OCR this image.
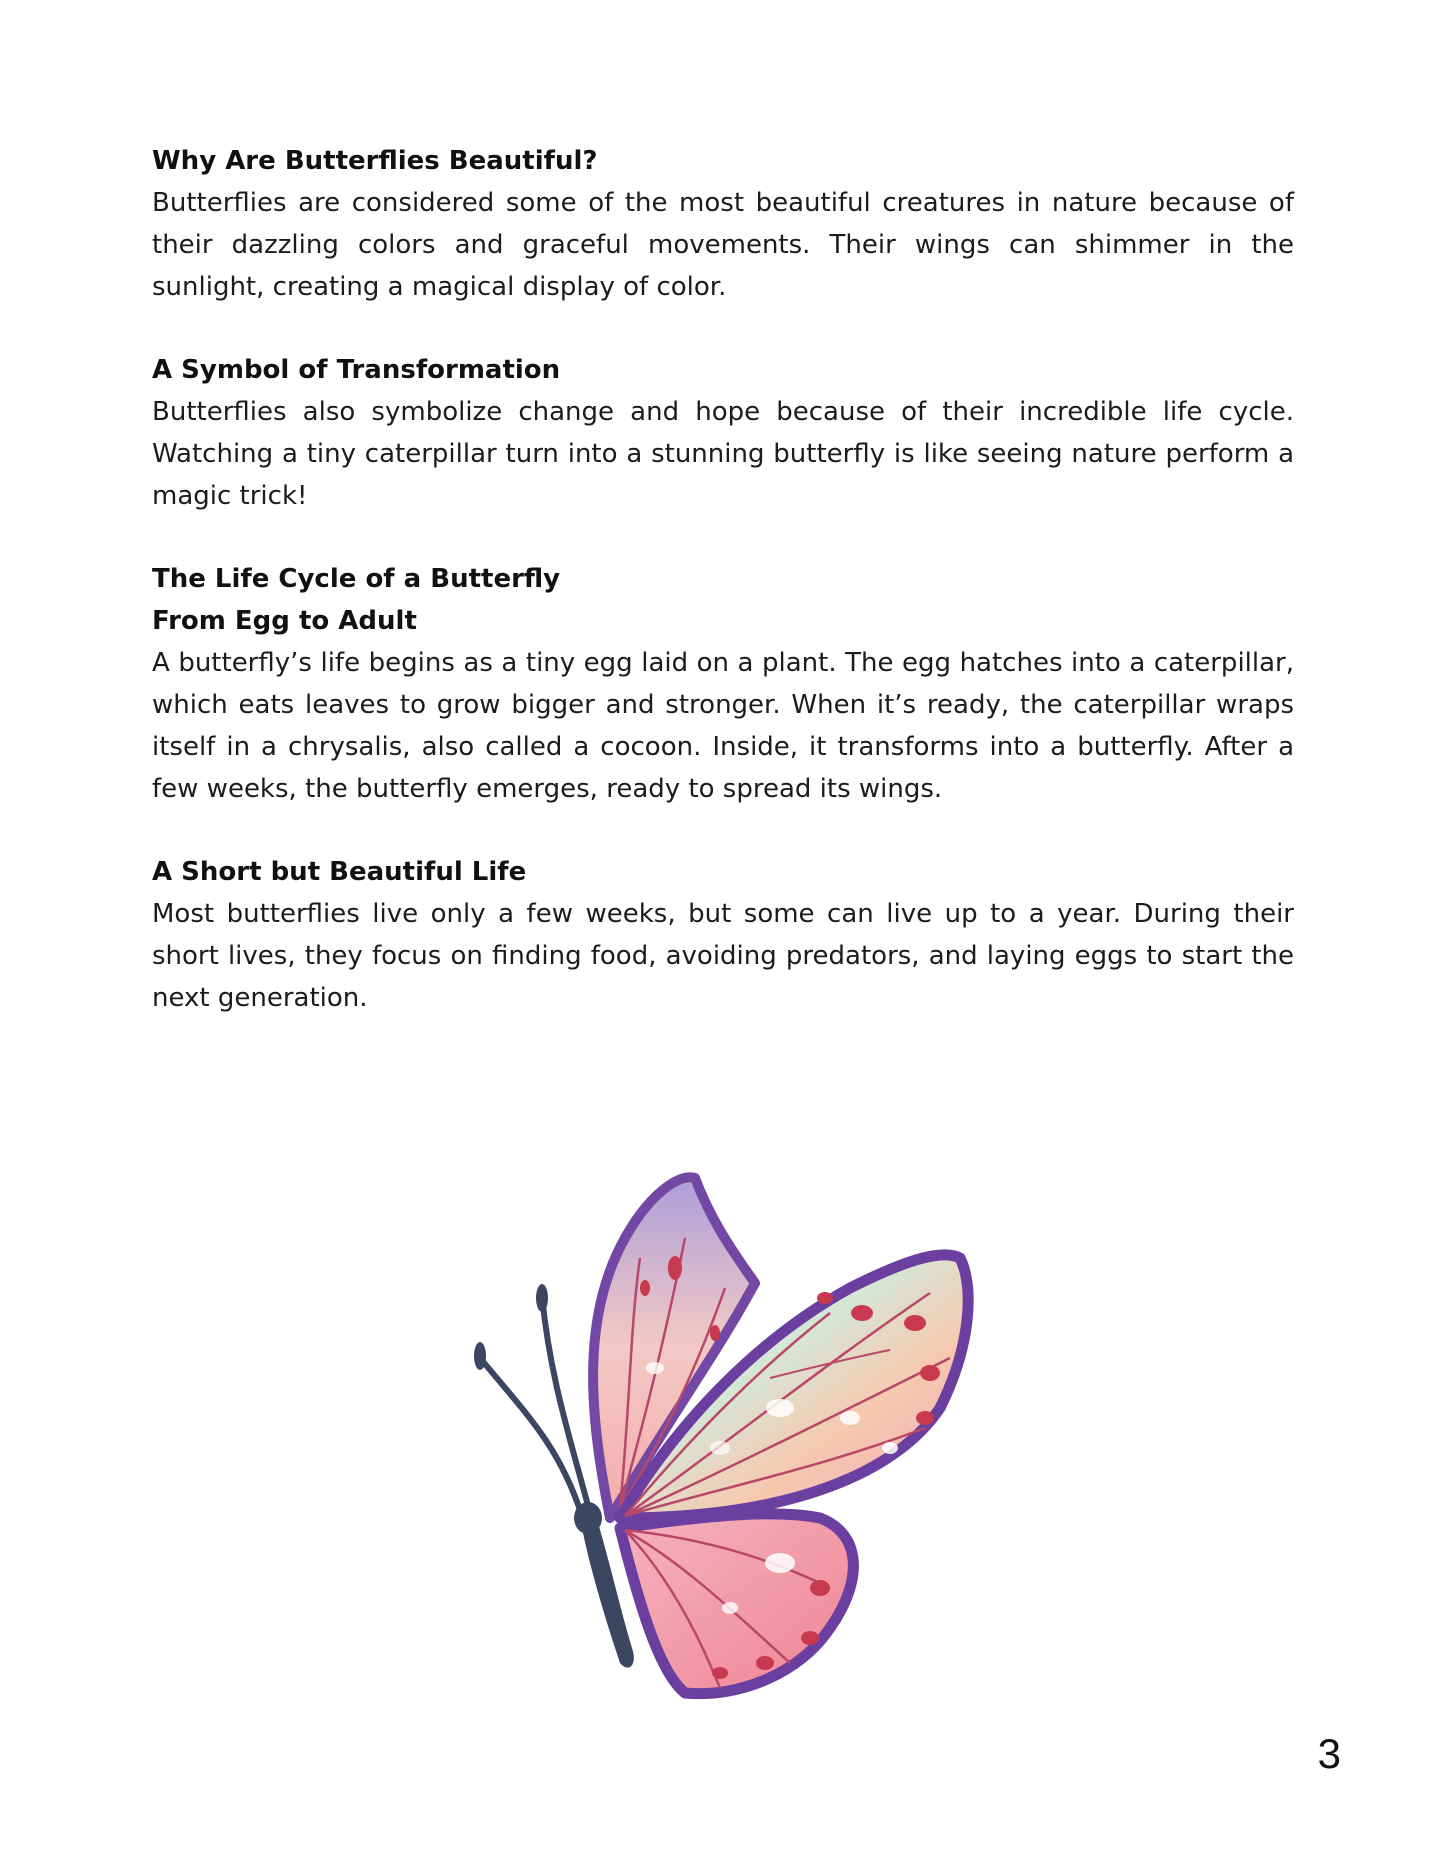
Why Are Butterflies Beautiful?

Butterflies are considered some of the most beautiful creatures in nature because of their dazzling colors and graceful movements. Their wings can shimmer in the sunlight, creating a magical display of color.

A Symbol of Transformation

Butterflies also symbolize change and hope because of their incredible life cycle. Watching a tiny caterpillar turn into a stunning butterfly is like seeing nature perform a magic trick!

The Life Cycle of a Butterfly

From Egg to Adult

A butterfly’s life begins as a tiny egg laid on a plant. The egg hatches into a caterpillar, which eats leaves to grow bigger and stronger. When it’s ready, the caterpillar wraps itself in a chrysalis, also called a cocoon. Inside, it transforms into a butterfly. After a few weeks, the butterfly emerges, ready to spread its wings.

A Short but Beautiful Life

Most butterflies live only a few weeks, but some can live up to a year. During their short lives, they focus on finding food, avoiding predators, and laying eggs to start the next generation.

3
